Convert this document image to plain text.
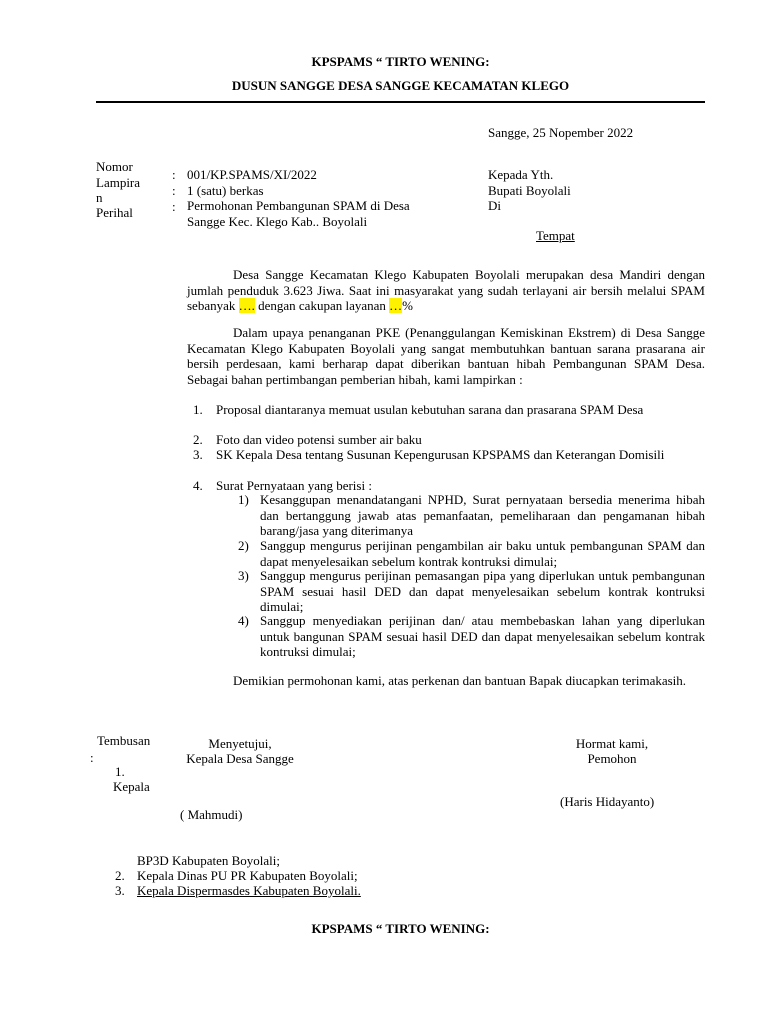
KPSPAMS “ TIRTO WENING:
DUSUN SANGGE DESA SANGGE KECAMATAN KLEGO
Sangge, 25 Nopember 2022
Nomor
Lampira
n
Perihal
:
:
:
001/KP.SPAMS/XI/2022
1 (satu) berkas
Permohonan Pembangunan SPAM di Desa
Sangge Kec. Klego Kab.. Boyolali
Kepada Yth.
Bupati Boyolali
Di
Tempat
Desa Sangge Kecamatan Klego Kabupaten Boyolali merupakan desa Mandiri dengan jumlah penduduk 3.623 Jiwa. Saat ini masyarakat yang sudah terlayani air bersih melalui SPAM sebanyak …. dengan cakupan layanan …%
Dalam upaya penanganan PKE (Penanggulangan Kemiskinan Ekstrem) di Desa Sangge Kecamatan Klego Kabupaten Boyolali yang sangat membutuhkan bantuan sarana prasarana air bersih perdesaan, kami berharap dapat diberikan bantuan hibah Pembangunan SPAM Desa. Sebagai bahan pertimbangan pemberian hibah, kami lampirkan :
1. Proposal diantaranya memuat usulan kebutuhan sarana dan prasarana SPAM Desa
2. Foto dan video potensi sumber air baku
3. SK Kepala Desa tentang Susunan Kepengurusan KPSPAMS dan Keterangan Domisili
4. Surat Pernyataan yang berisi :
1) Kesanggupan menandatangani NPHD, Surat pernyataan bersedia menerima hibah dan bertanggung jawab atas pemanfaatan, pemeliharaan dan pengamanan hibah barang/jasa yang diterimanya
2) Sanggup mengurus perijinan pengambilan air baku untuk pembangunan SPAM dan dapat menyelesaikan sebelum kontrak kontruksi dimulai;
3) Sanggup mengurus perijinan pemasangan pipa yang diperlukan untuk pembangunan SPAM sesuai hasil DED dan dapat menyelesaikan sebelum kontrak kontruksi dimulai;
4) Sanggup menyediakan perijinan dan/ atau membebaskan lahan yang diperlukan untuk bangunan SPAM sesuai hasil DED dan dapat menyelesaikan sebelum kontrak kontruksi dimulai;
Demikian permohonan kami, atas perkenan dan bantuan Bapak diucapkan terimakasih.
Tembusan
:
1.
Kepala
Menyetujui,
Kepala Desa Sangge
( Mahmudi)
Hormat kami,
Pemohon
(Haris Hidayanto)
BP3D Kabupaten Boyolali;
2. Kepala Dinas PU PR Kabupaten Boyolali;
3. Kepala Dispermasdes Kabupaten Boyolali.
KPSPAMS “ TIRTO WENING:
